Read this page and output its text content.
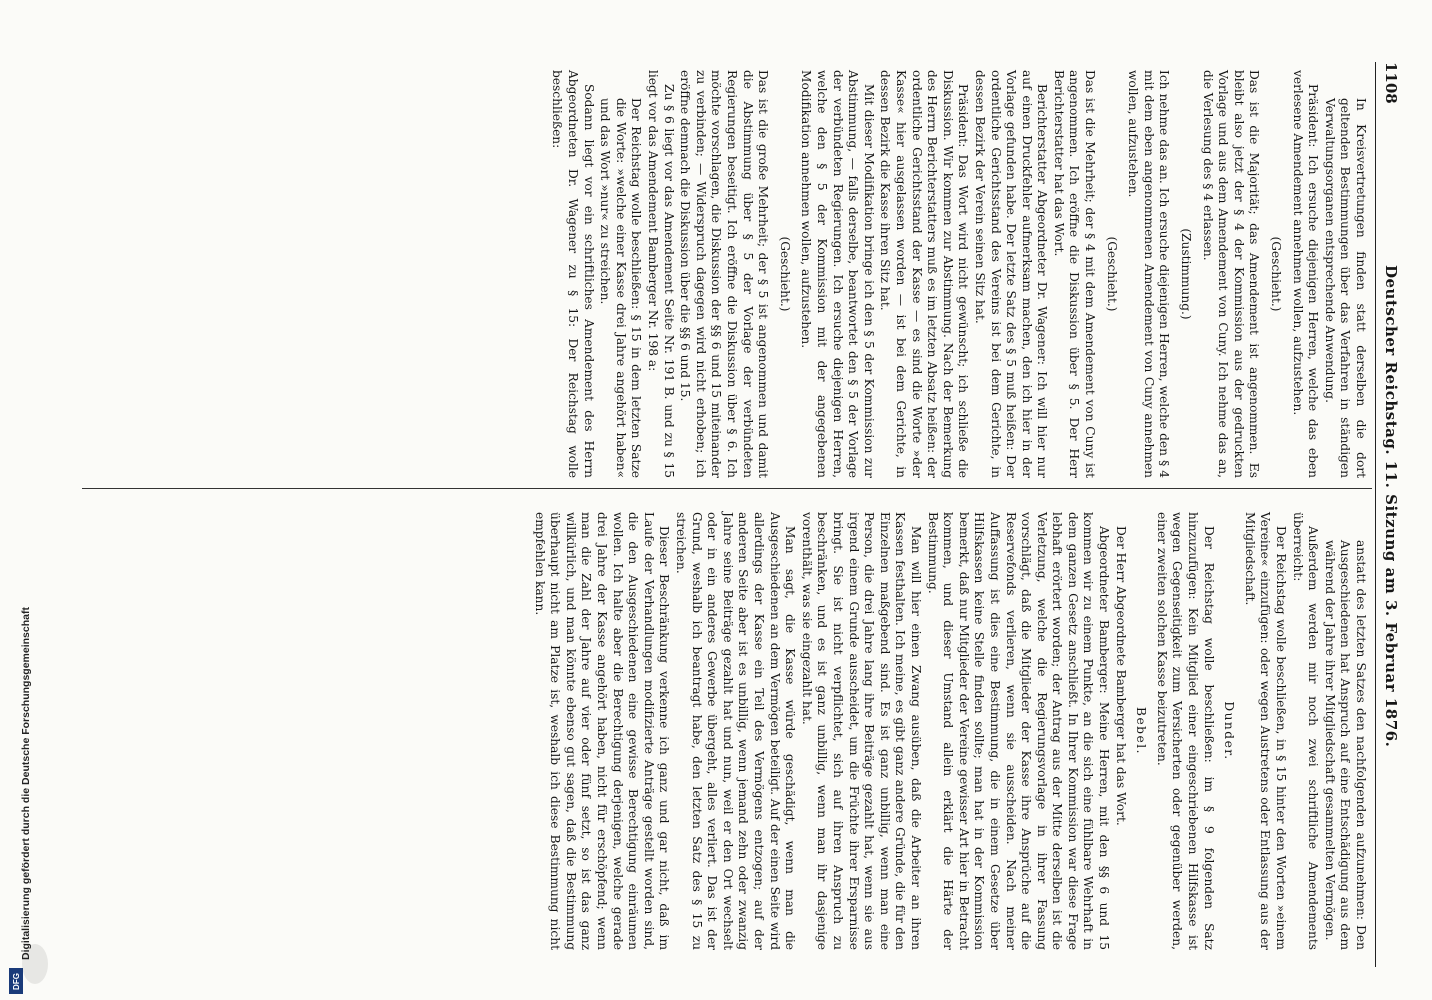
1108
Deutscher Reichstag. 11. Sitzung am 3. Februar 1876.

In Kreisvertretungen finden statt derselben die dort geltenden Bestimmungen über das Verfahren in ständigen Verwaltungsorganen entsprechende Anwendung.

Präsident: Ich ersuche diejenigen Herren, welche das eben verlesene Amendement annehmen wollen, aufzustehen.

(Geschieht.)

Das ist die Majorität; das Amendement ist angenommen. Es bleibt also jetzt der § 4 der Kommission aus der gedruckten Vorlage und aus dem Amendement von Cuny. Ich nehme das an, die Verlesung des § 4 erlassen.

(Zustimmung.)

Ich nehme das an. Ich ersuche diejenigen Herren, welche den § 4 mit dem eben angenommenen Amendement von Cuny annehmen wollen, aufzustehen.

(Geschieht.)

Das ist die Mehrheit; der § 4 mit dem Amendement von Cuny ist angenommen. Ich eröffne die Diskussion über § 5. Der Herr Berichterstatter hat das Wort.

Berichterstatter Abgeordneter Dr. Wagener: Ich will hier nur auf einen Druckfehler aufmerksam machen, den ich hier in der Vorlage gefunden habe. Der letzte Satz des § 5 muß heißen: Der ordentliche Gerichtsstand des Vereins ist bei dem Gerichte, in dessen Bezirk der Verein seinen Sitz hat.

Präsident: Das Wort wird nicht gewünscht; ich schließe die Diskussion. Wir kommen zur Abstimmung. Nach der Bemerkung des Herrn Berichterstatters muß es im letzten Absatz heißen: der ordentliche Gerichtsstand der Kasse — es sind die Worte »der Kasse« hier ausgelassen worden — ist bei dem Gerichte, in dessen Bezirk die Kasse ihren Sitz hat.

Mit dieser Modifikation bringe ich den § 5 der Kommission zur Abstimmung, — falls derselbe, beantwortet den § 5 der Vorlage der verbündeten Regierungen. Ich ersuche diejenigen Herren, welche den § 5 der Kommission mit der angegebenen Modifikation annehmen wollen, aufzustehen.

(Geschieht.)

Das ist die große Mehrheit; der § 5 ist angenommen und damit die Abstimmung über § 5 der Vorlage der verbündeten Regierungen beseitigt. Ich eröffne die Diskussion über § 6. Ich möchte vorschlagen, die Diskussion der §§ 6 und 15 miteinander zu verbinden; — Widerspruch dagegen wird nicht erhoben; ich eröffne demnach die Diskussion über die §§ 6 und 15.

Zu § 6 liegt vor das Amendement Seite Nr. 191 B. und zu § 15 liegt vor das Amendement Bamberger Nr. 198 a:

Der Reichstag wolle beschließen: § 15 in dem letzten Satze die Worte: »welche einer Kasse drei Jahre angehört haben« und das Wort »nur« zu streichen.

Sodann liegt vor ein schriftliches Amendement des Herrn Abgeordneten Dr. Wagener zu § 15: Der Reichstag wolle beschließen:

anstatt des letzten Satzes den nachfolgenden aufzunehmen: Den Ausgeschiedenen hat Anspruch auf eine Entschädigung aus dem während der Jahre ihrer Mitgliedschaft gesammelten Vermögen.

Außerdem werden mir noch zwei schriftliche Amendements überreicht:

Der Reichstag wolle beschließen, in § 15 hinter den Worten »einem Vereine« einzufügen: oder wegen Austretens oder Entlassung aus der Mitgliedschaft.

Dunder.

Der Reichstag wolle beschließen: im § 9 folgenden Satz hinzuzufügen: Kein Mitglied einer eingeschriebenen Hilfskasse ist wegen Gegenseitigkeit zum Versicherten oder gegenüber werden, einer zweiten solchen Kasse beizutreten.

Bebel.

Der Herr Abgeordnete Bamberger hat das Wort.

Abgeordneter Bamberger: Meine Herren, mit den §§ 6 und 15 kommen wir zu einem Punkte, an die sich eine fühlbare Wehrhaft in dem ganzen Gesetz anschließt. In Ihrer Kommission war diese Frage lebhaft erörtert worden; der Antrag aus der Mitte derselben ist die Verletzung, welche die Regierungsvorlage in ihrer Fassung vorschlägt, daß die Mitglieder der Kasse ihre Ansprüche auf die Reservefonds verlieren, wenn sie ausscheiden. Nach meiner Auffassung ist dies eine Bestimmung, die in einem Gesetze über Hilfskassen keine Stelle finden sollte; man hat in der Kommission bemerkt, daß nur Mitglieder der Vereine gewisser Art hier in Betracht kommen, und dieser Umstand allein erklärt die Härte der Bestimmung.

Man will hier einen Zwang ausüben, daß die Arbeiter an ihren Kassen festhalten. Ich meine, es gibt ganz andere Gründe, die für den Einzelnen maßgebend sind. Es ist ganz unbillig, wenn man eine Person, die drei Jahre lang ihre Beiträge gezahlt hat, wenn sie aus irgend einem Grunde ausscheidet, um die Früchte ihrer Ersparnisse bringt. Sie ist nicht verpflichtet, sich auf ihren Anspruch zu beschränken, und es ist ganz unbillig, wenn man ihr dasjenige vorenthält, was sie eingezahlt hat.

Man sagt, die Kasse würde geschädigt, wenn man die Ausgeschiedenen an dem Vermögen beteiligt. Auf der einen Seite wird allerdings der Kasse ein Teil des Vermögens entzogen; auf der anderen Seite aber ist es unbillig, wenn jemand zehn oder zwanzig Jahre seine Beiträge gezahlt hat und nun, weil er den Ort wechselt oder in ein anderes Gewerbe übergeht, alles verliert. Das ist der Grund, weshalb ich beantragt habe, den letzten Satz des § 15 zu streichen.

Dieser Beschränkung verkenne ich ganz und gar nicht, daß im Laufe der Verhandlungen modifizierte Anträge gestellt worden sind, die den Ausgeschiedenen eine gewisse Berechtigung einräumen wollen. Ich halte aber die Berechtigung derjenigen, welche gerade drei Jahre der Kasse angehört haben, nicht für erschöpfend; wenn man die Zahl der Jahre auf vier oder fünf setzt, so ist das ganz willkürlich, und man könnte ebenso gut sagen, daß die Bestimmung überhaupt nicht am Platze ist, weshalb ich diese Bestimmung nicht empfehlen kann.

Digitalisierung gefördert durch die Deutsche Forschungsgemeinschaft
DFG
